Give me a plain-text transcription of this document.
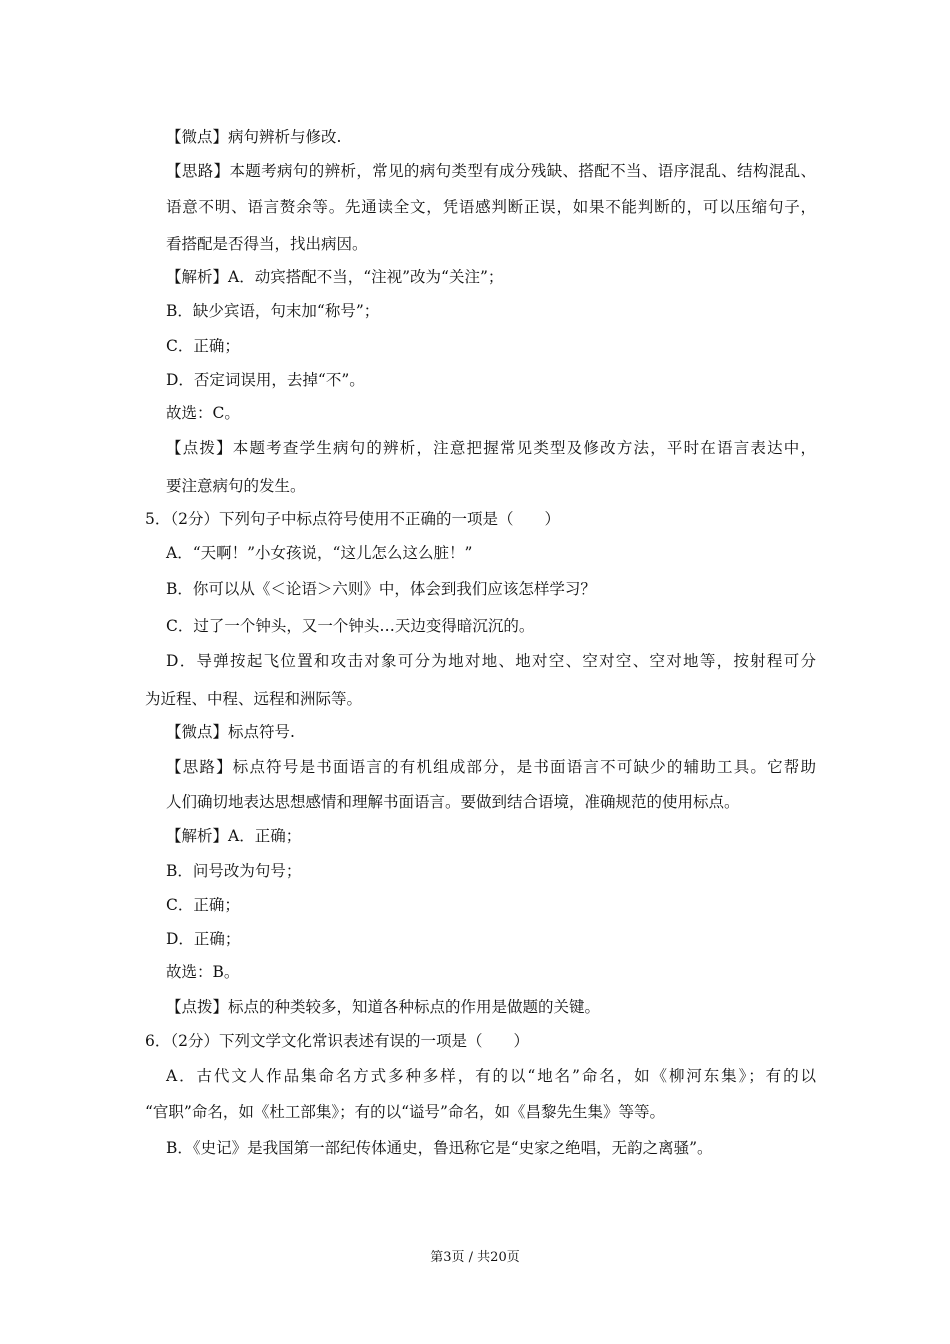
【微点】病句辨析与修改.
【思路】本题考病句的辨析，常见的病句类型有成分残缺、搭配不当、语序混乱、结构混乱、
语意不明、语言赘余等。先通读全文，凭语感判断正误，如果不能判断的，可以压缩句子，
看搭配是否得当，找出病因。
【解析】A．动宾搭配不当，“注视”改为“关注”；
B．缺少宾语，句末加“称号”；
C．正确；
D．否定词误用，去掉“不”。
故选：C。
【点拨】本题考查学生病句的辨析，注意把握常见类型及修改方法，平时在语言表达中，
要注意病句的发生。
5．（2分）下列句子中标点符号使用不正确的一项是（　　）
A．“天啊！”小女孩说，“这儿怎么这么脏！”
B．你可以从《＜论语＞六则》中，体会到我们应该怎样学习？
C．过了一个钟头，又一个钟头…天边变得暗沉沉的。
D．导弹按起飞位置和攻击对象可分为地对地、地对空、空对空、空对地等，按射程可分
为近程、中程、远程和洲际等。
【微点】标点符号.
【思路】标点符号是书面语言的有机组成部分，是书面语言不可缺少的辅助工具。它帮助
人们确切地表达思想感情和理解书面语言。要做到结合语境，准确规范的使用标点。
【解析】A．正确；
B．问号改为句号；
C．正确；
D．正确；
故选：B。
【点拨】标点的种类较多，知道各种标点的作用是做题的关键。
6．（2分）下列文学文化常识表述有误的一项是（　　）
A．古代文人作品集命名方式多种多样，有的以“地名”命名，如《柳河东集》；有的以
“官职”命名，如《杜工部集》；有的以“谥号”命名，如《昌黎先生集》等等。
B．《史记》是我国第一部纪传体通史，鲁迅称它是“史家之绝唱，无韵之离骚”。
第3页 / 共20页
